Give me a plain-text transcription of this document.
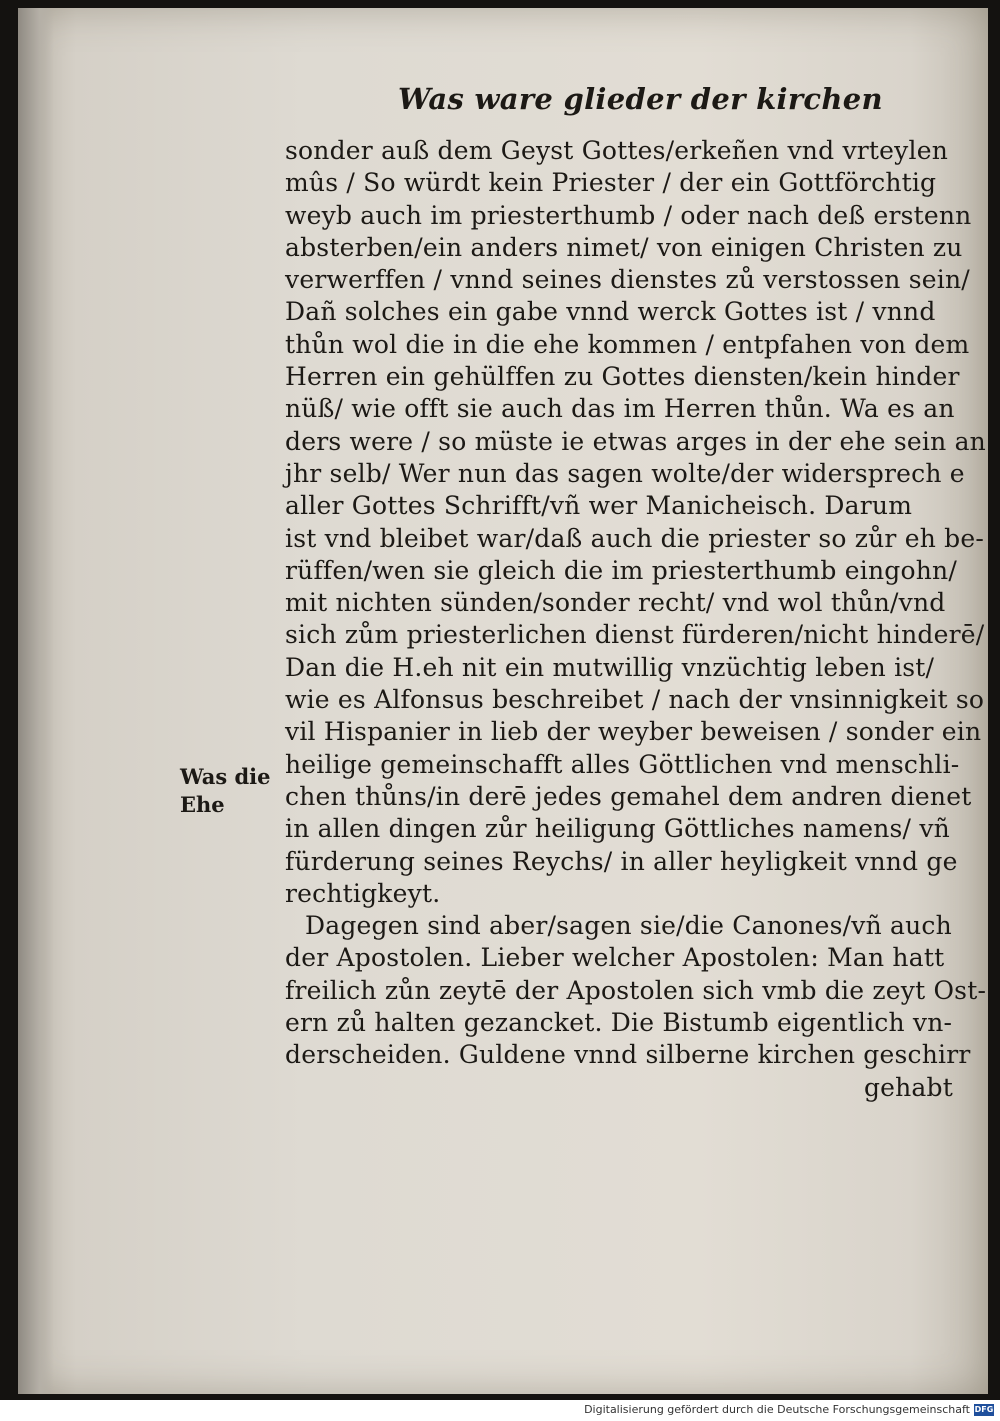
Was ware glieder der kirchen
Was die
Ehe
sonder auß dem Geyst Gottes/erkeñen vnd vrteylen
mûs / So würdt kein Priester / der ein Gottförchtig
weyb auch im priesterthumb / oder nach deß erstenn
absterben/ein anders nimet/ von einigen Christen zu
verwerffen / vnnd seines dienstes zů verstossen sein/
Dañ solches ein gabe vnnd werck Gottes ist / vnnd
thůn wol die in die ehe kommen / entpfahen von dem
Herren ein gehülffen zu Gottes diensten/kein hinder
nüß/ wie offt sie auch das im Herren thůn. Wa es an
ders were / so müste ie etwas arges in der ehe sein an
jhr selb/ Wer nun das sagen wolte/der widersprech e
aller Gottes Schrifft/vñ wer Manicheisch. Darum
ist vnd bleibet war/daß auch die priester so zůr eh be-
rüffen/wen sie gleich die im priesterthumb eingohn/
mit nichten sünden/sonder recht/ vnd wol thůn/vnd
sich zům priesterlichen dienst fürderen/nicht hinderē/
Dan die H.eh nit ein mutwillig vnzüchtig leben ist/
wie es Alfonsus beschreibet / nach der vnsinnigkeit so
vil Hispanier in lieb der weyber beweisen / sonder ein
heilige gemeinschafft alles Göttlichen vnd menschli-
chen thůns/in derē jedes gemahel dem andren dienet
in allen dingen zůr heiligung Göttliches namens/ vñ
fürderung seines Reychs/ in aller heyligkeit vnnd ge
rechtigkeyt.
Dagegen sind aber/sagen sie/die Canones/vñ auch
der Apostolen. Lieber welcher Apostolen: Man hatt
freilich zůn zeytē der Apostolen sich vmb die zeyt Ost-
ern zů halten gezancket. Die Bistumb eigentlich vn-
derscheiden. Guldene vnnd silberne kirchen geschirr
gehabt
Digitalisierung gefördert durch die Deutsche Forschungsgemeinschaft DFG
